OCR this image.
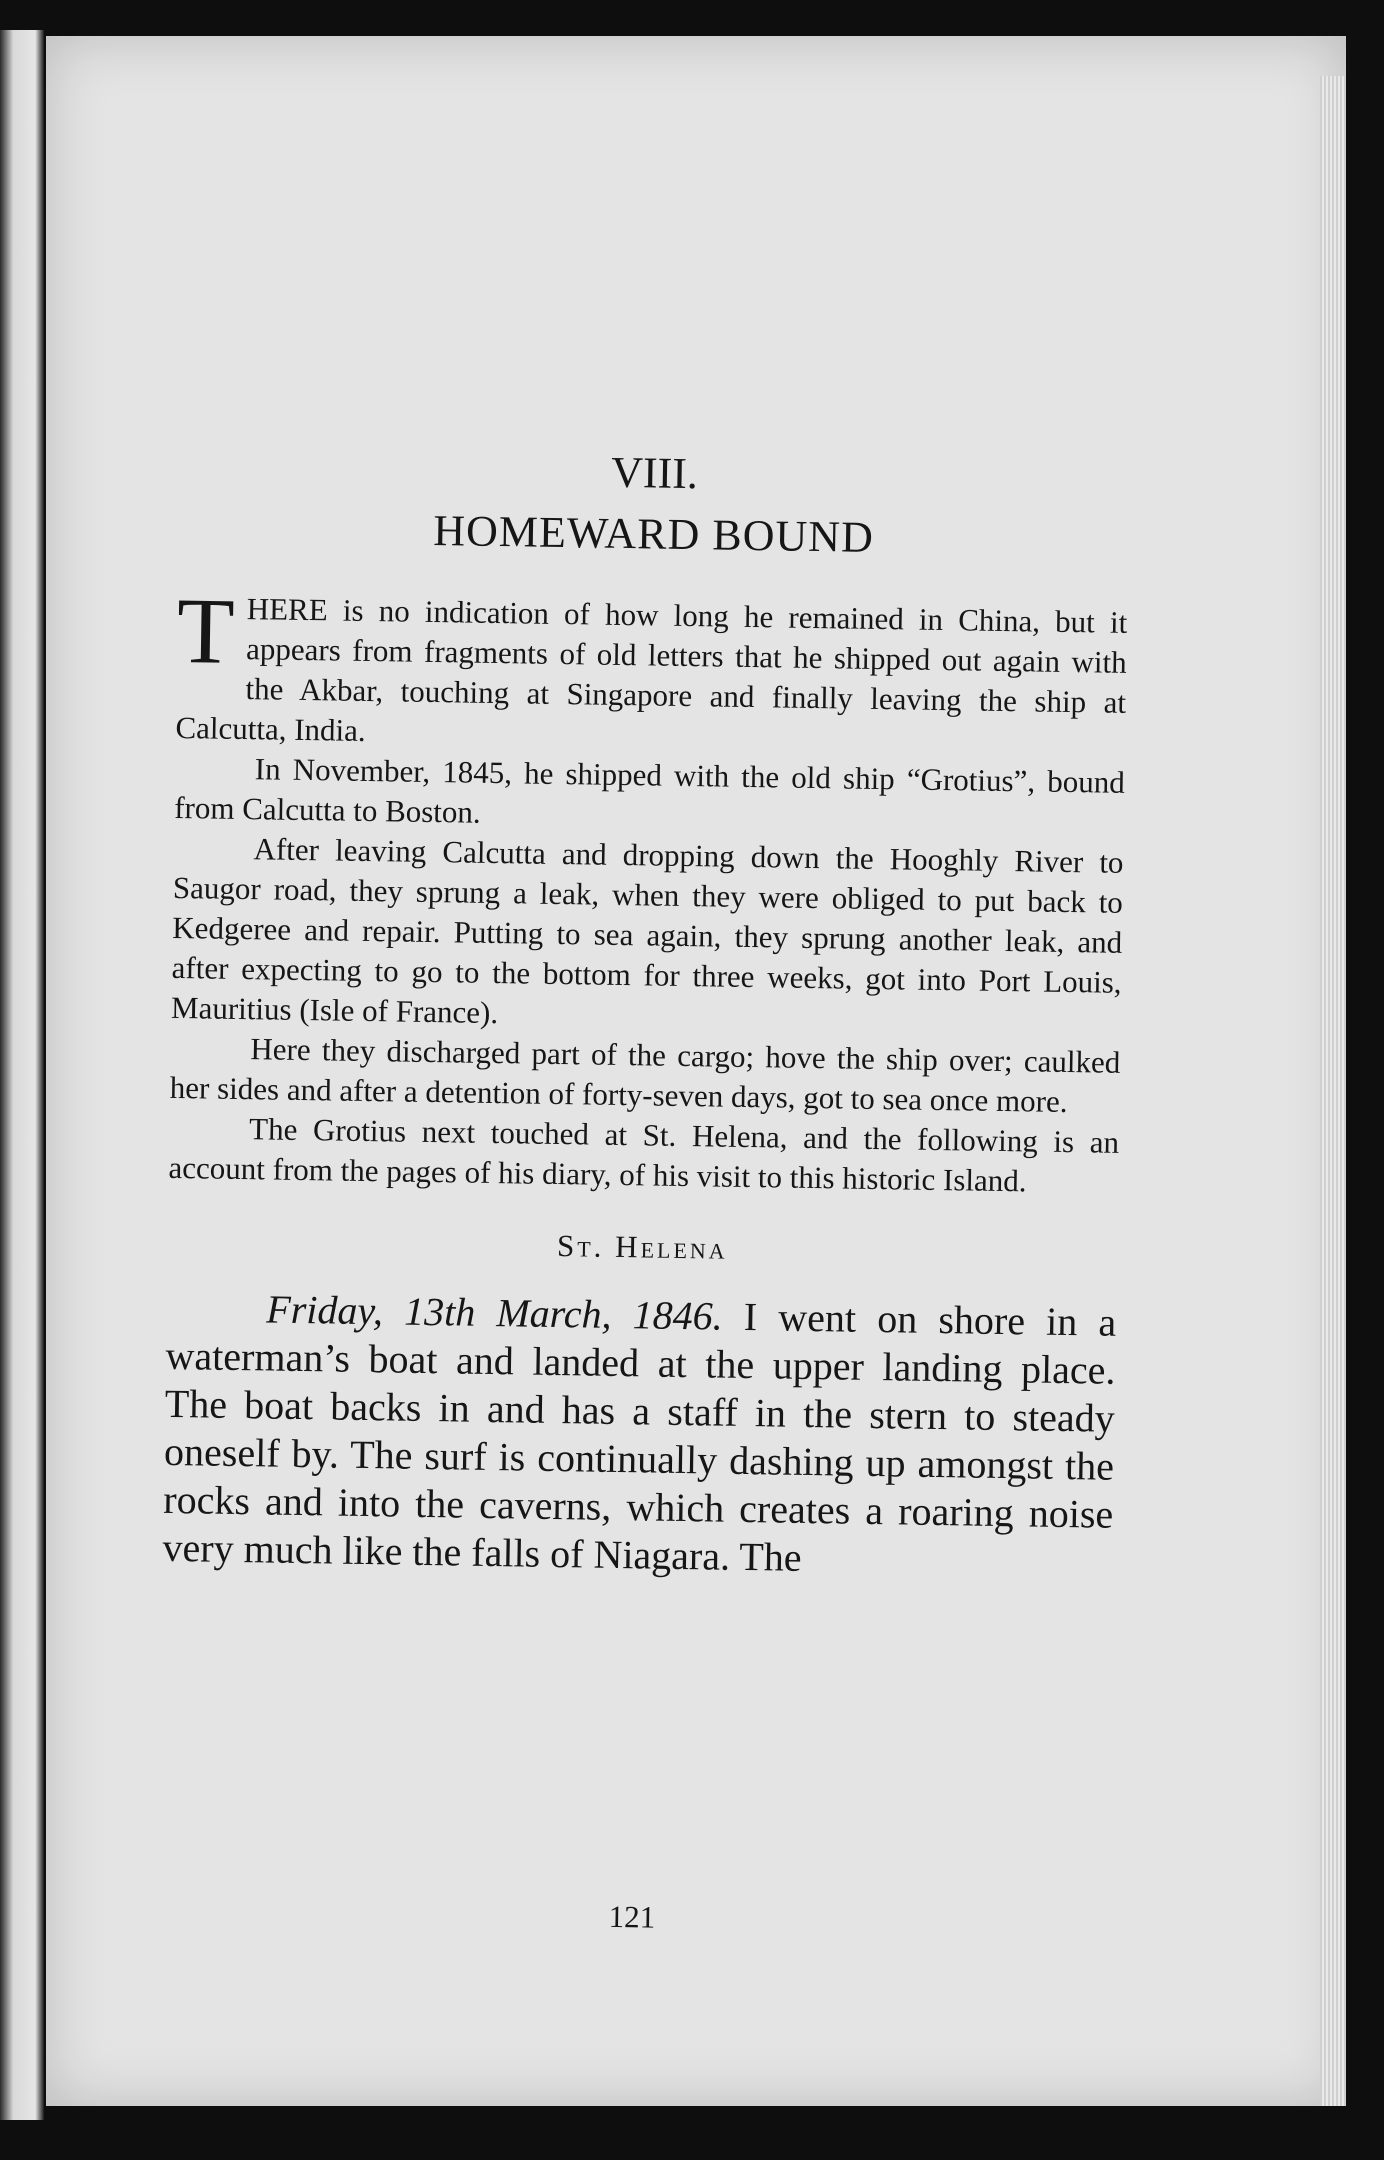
VIII.
HOMEWARD BOUND

THERE is no indication of how long he remained in China, but it appears from fragments of old letters that he shipped out again with the Akbar, touching at Singapore and finally leaving the ship at Calcutta, India.

In November, 1845, he shipped with the old ship “Grotius”, bound from Calcutta to Boston.

After leaving Calcutta and dropping down the Hooghly River to Saugor road, they sprung a leak, when they were obliged to put back to Kedgeree and repair. Putting to sea again, they sprung another leak, and after expecting to go to the bottom for three weeks, got into Port Louis, Mauritius (Isle of France).

Here they discharged part of the cargo; hove the ship over; caulked her sides and after a detention of forty-seven days, got to sea once more.

The Grotius next touched at St. Helena, and the following is an account from the pages of his diary, of his visit to this historic Island.

St. Helena

Friday, 13th March, 1846. I went on shore in a waterman’s boat and landed at the upper landing place. The boat backs in and has a staff in the stern to steady oneself by. The surf is continually dashing up amongst the rocks and into the caverns, which creates a roaring noise very much like the falls of Niagara. The

121
